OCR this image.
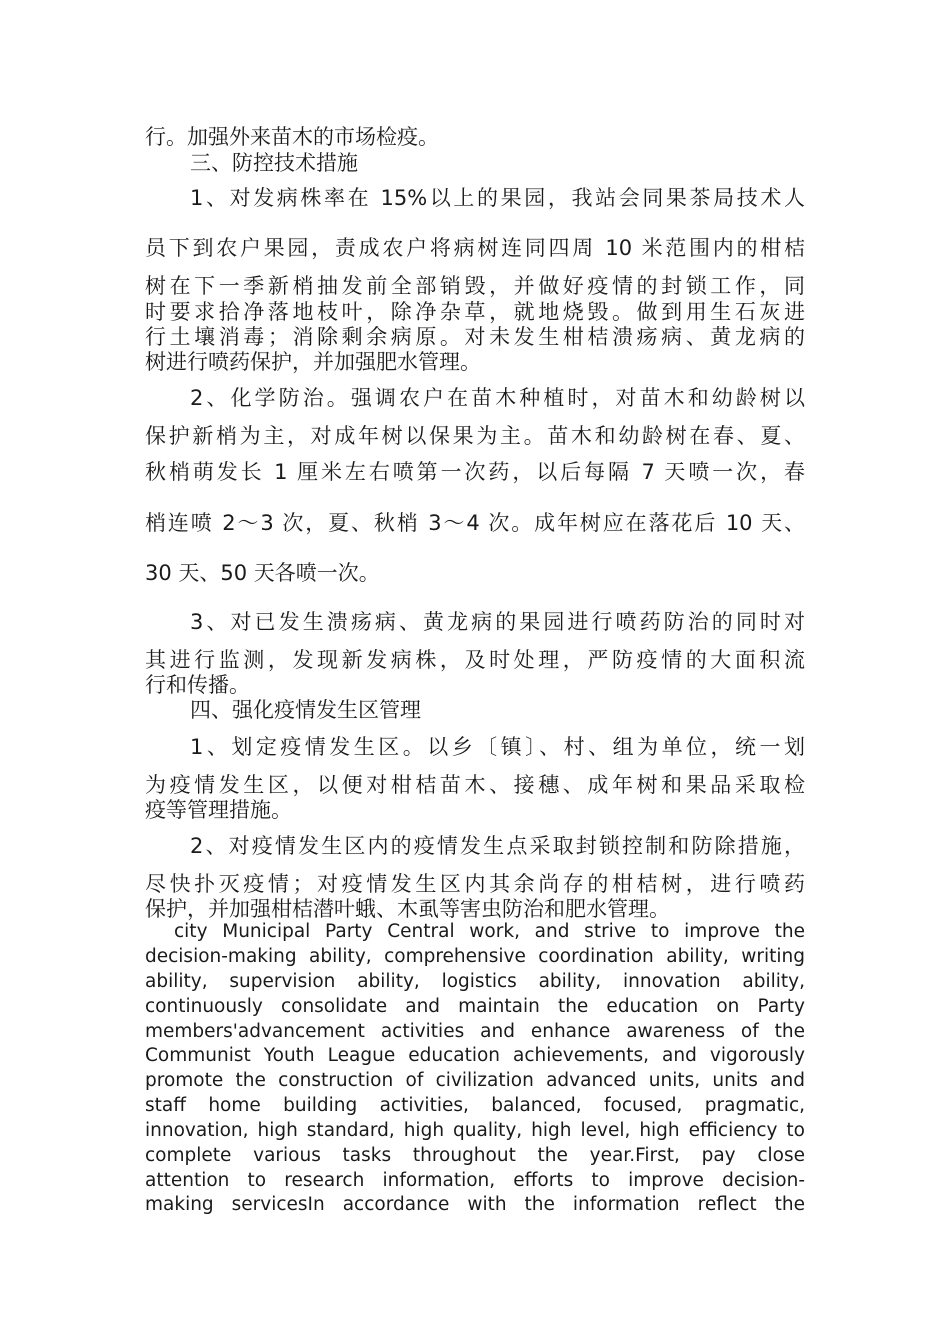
行。加强外来苗木的市场检疫。

三、防控技术措施

1、对发病株率在 15%以上的果园，我站会同果茶局技术人

员下到农户果园，责成农户将病树连同四周 10 米范围内的柑桔

树在下一季新梢抽发前全部销毁，并做好疫情的封锁工作，同

时要求拾净落地枝叶，除净杂草，就地烧毁。做到用生石灰进

行土壤消毒；消除剩余病原。对未发生柑桔溃疡病、黄龙病的

树进行喷药保护，并加强肥水管理。

2、化学防治。强调农户在苗木种植时，对苗木和幼龄树以

保护新梢为主，对成年树以保果为主。苗木和幼龄树在春、夏、

秋梢萌发长 1 厘米左右喷第一次药，以后每隔 7 天喷一次，春

梢连喷 2～3 次，夏、秋梢 3～4 次。成年树应在落花后 10 天、

30 天、50 天各喷一次。

3、对已发生溃疡病、黄龙病的果园进行喷药防治的同时对

其进行监测，发现新发病株，及时处理，严防疫情的大面积流

行和传播。

四、强化疫情发生区管理

1、划定疫情发生区。以乡〔镇〕、村、组为单位，统一划

为疫情发生区，以便对柑桔苗木、接穗、成年树和果品采取检

疫等管理措施。

2、对疫情发生区内的疫情发生点采取封锁控制和防除措施，

尽快扑灭疫情；对疫情发生区内其余尚存的柑桔树，进行喷药

保护，并加强柑桔潜叶蛾、木虱等害虫防治和肥水管理。

city Municipal Party Central work, and strive to improve the

decision-making ability, comprehensive coordination ability, writing

ability, supervision ability, logistics ability, innovation ability,

continuously consolidate and maintain the education on Party

members'advancement activities and enhance awareness of the

Communist Youth League education achievements, and vigorously

promote the construction of civilization advanced units, units and

staff home building activities, balanced, focused, pragmatic,

innovation, high standard, high quality, high level, high efficiency to

complete various tasks throughout the year.First, pay close

attention to research information, efforts to improve decision-

making servicesIn accordance with the information reflect the
